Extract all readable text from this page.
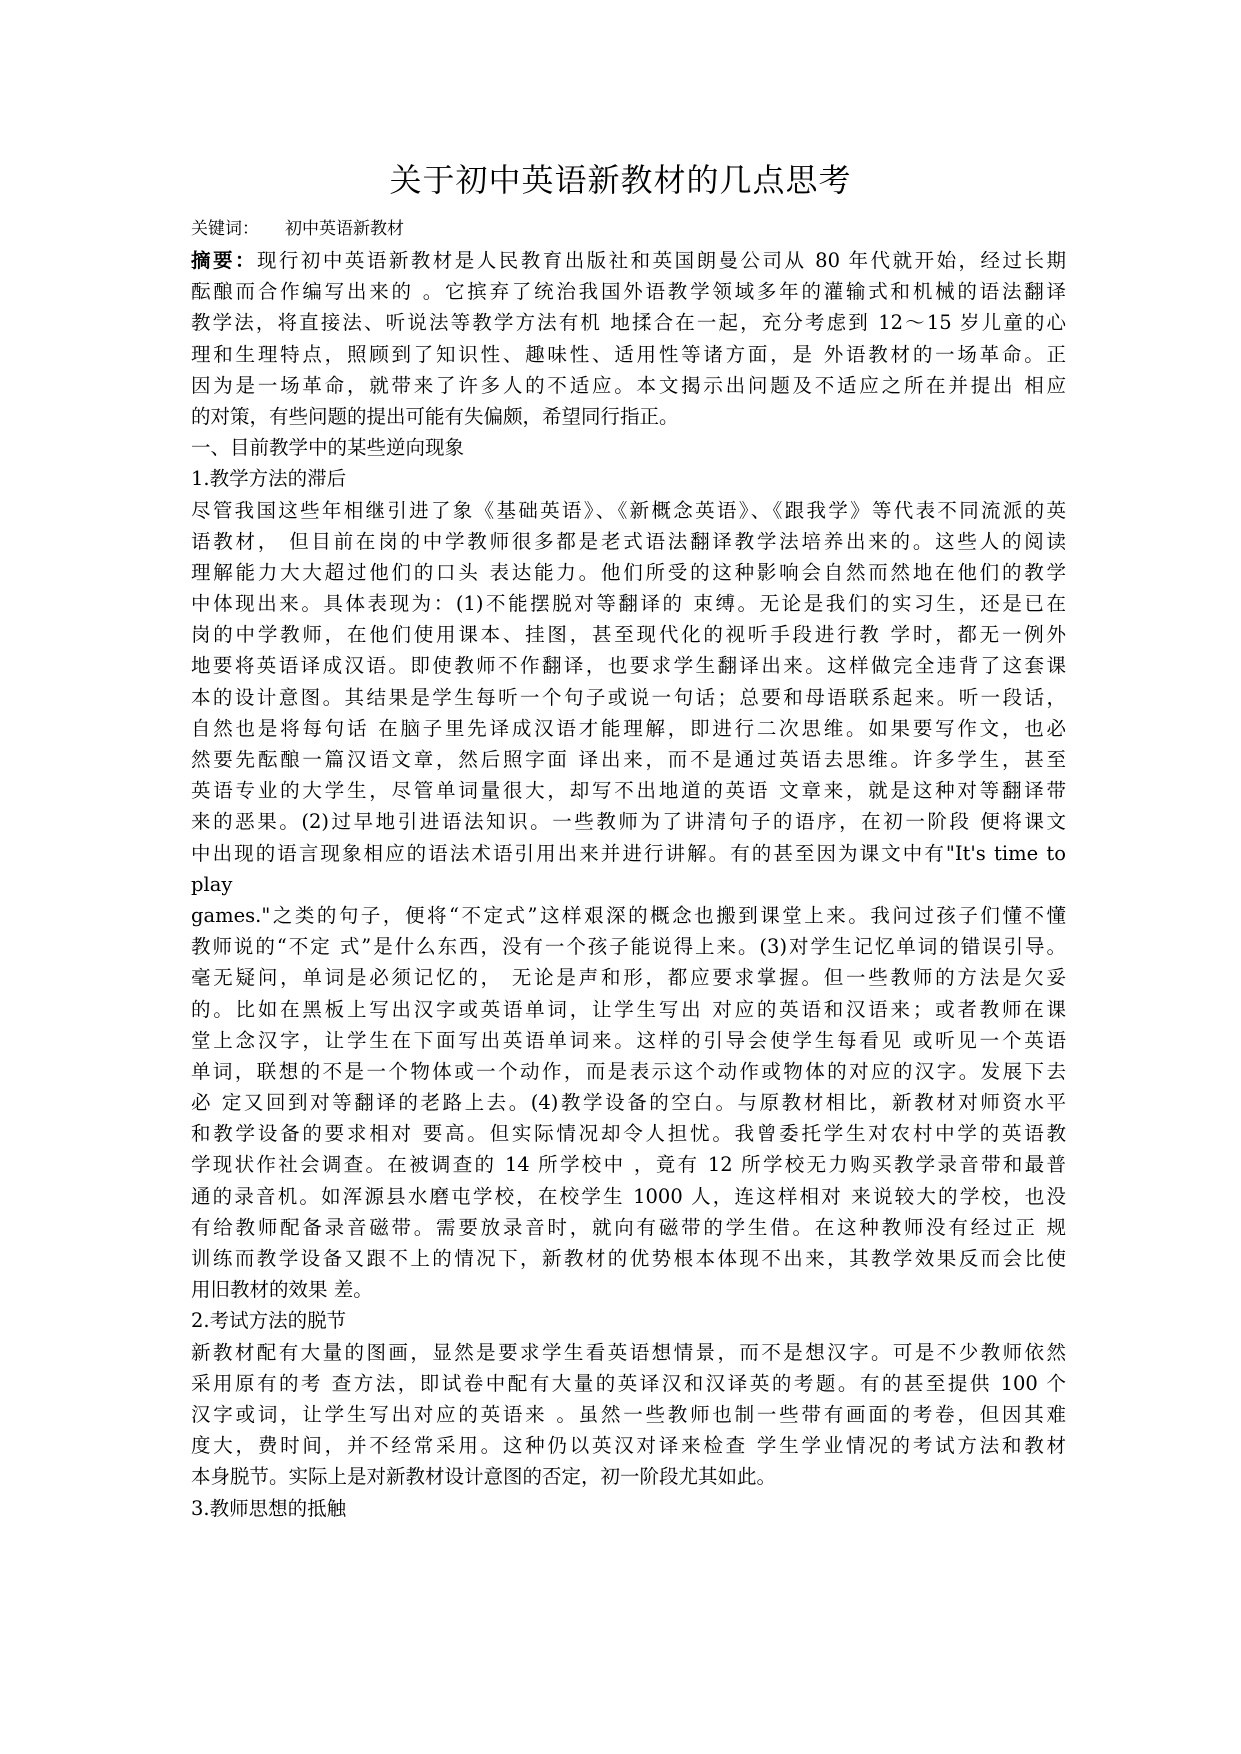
关于初中英语新教材的几点思考
关键词： 初中英语新教材
摘要：现行初中英语新教材是人民教育出版社和英国朗曼公司从 80 年代就开始，经过长期
酝酿而合作编写出来的 。它摈弃了统治我国外语教学领域多年的灌输式和机械的语法翻译
教学法，将直接法、听说法等教学方法有机 地揉合在一起，充分考虑到 12～15 岁儿童的心
理和生理特点，照顾到了知识性、趣味性、适用性等诸方面，是 外语教材的一场革命。正
因为是一场革命，就带来了许多人的不适应。本文揭示出问题及不适应之所在并提出 相应
的对策，有些问题的提出可能有失偏颇，希望同行指正。
一、目前教学中的某些逆向现象
1.教学方法的滞后
尽管我国这些年相继引进了象《基础英语》、《新概念英语》、《跟我学》等代表不同流派的英
语教材， 但目前在岗的中学教师很多都是老式语法翻译教学法培养出来的。这些人的阅读
理解能力大大超过他们的口头 表达能力。他们所受的这种影响会自然而然地在他们的教学
中体现出来。具体表现为：(1)不能摆脱对等翻译的 束缚。无论是我们的实习生，还是已在
岗的中学教师，在他们使用课本、挂图，甚至现代化的视听手段进行教 学时，都无一例外
地要将英语译成汉语。即使教师不作翻译，也要求学生翻译出来。这样做完全违背了这套课
本的设计意图。其结果是学生每听一个句子或说一句话；总要和母语联系起来。听一段话，
自然也是将每句话 在脑子里先译成汉语才能理解，即进行二次思维。如果要写作文，也必
然要先酝酿一篇汉语文章，然后照字面 译出来，而不是通过英语去思维。许多学生，甚至
英语专业的大学生，尽管单词量很大，却写不出地道的英语 文章来，就是这种对等翻译带
来的恶果。(2)过早地引进语法知识。一些教师为了讲清句子的语序，在初一阶段 便将课文
中出现的语言现象相应的语法术语引用出来并进行讲解。有的甚至因为课文中有"It's time to
play
games."之类的句子，便将“不定式”这样艰深的概念也搬到课堂上来。我问过孩子们懂不懂
教师说的“不定 式”是什么东西，没有一个孩子能说得上来。(3)对学生记忆单词的错误引导。
毫无疑问，单词是必须记忆的， 无论是声和形，都应要求掌握。但一些教师的方法是欠妥
的。比如在黑板上写出汉字或英语单词，让学生写出 对应的英语和汉语来；或者教师在课
堂上念汉字，让学生在下面写出英语单词来。这样的引导会使学生每看见 或听见一个英语
单词，联想的不是一个物体或一个动作，而是表示这个动作或物体的对应的汉字。发展下去
必 定又回到对等翻译的老路上去。(4)教学设备的空白。与原教材相比，新教材对师资水平
和教学设备的要求相对 要高。但实际情况却令人担忧。我曾委托学生对农村中学的英语教
学现状作社会调查。在被调查的 14 所学校中 ，竟有 12 所学校无力购买教学录音带和最普
通的录音机。如浑源县水磨屯学校，在校学生 1000 人，连这样相对 来说较大的学校，也没
有给教师配备录音磁带。需要放录音时，就向有磁带的学生借。在这种教师没有经过正 规
训练而教学设备又跟不上的情况下，新教材的优势根本体现不出来，其教学效果反而会比使
用旧教材的效果 差。
2.考试方法的脱节
新教材配有大量的图画，显然是要求学生看英语想情景，而不是想汉字。可是不少教师依然
采用原有的考 查方法，即试卷中配有大量的英译汉和汉译英的考题。有的甚至提供 100 个
汉字或词，让学生写出对应的英语来 。虽然一些教师也制一些带有画面的考卷，但因其难
度大，费时间，并不经常采用。这种仍以英汉对译来检查 学生学业情况的考试方法和教材
本身脱节。实际上是对新教材设计意图的否定，初一阶段尤其如此。
3.教师思想的抵触
